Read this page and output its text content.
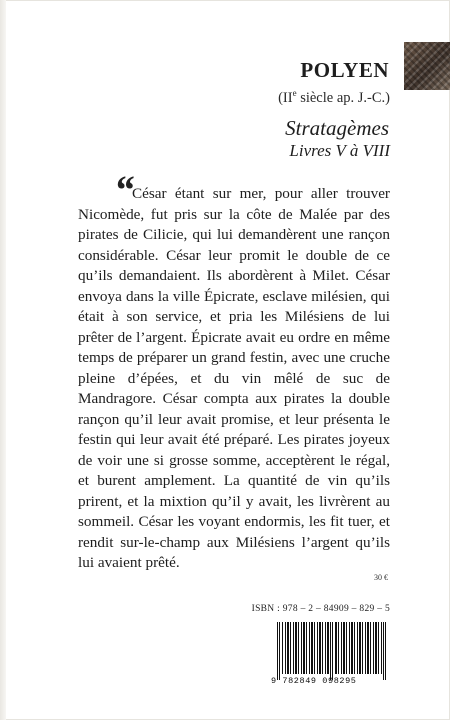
POLYEN
(IIe siècle ap. J.-C.)
Stratagèmes
Livres V à VIII
“
César étant sur mer, pour aller trouver Nicomède, fut pris sur la côte de Malée par des pirates de Cilicie, qui lui demandèrent une rançon considérable. César leur promit le double de ce qu’ils demandaient. Ils abordèrent à Milet. César envoya dans la ville Épicrate, esclave milésien, qui était à son service, et pria les Milésiens de lui prêter de l’argent. Épicrate avait eu ordre en même temps de préparer un grand festin, avec une cruche pleine d’épées, et du vin mêlé de suc de Mandragore. César compta aux pirates la double rançon qu’il leur avait promise, et leur présenta le festin qui leur avait été préparé. Les pirates joyeux de voir une si grosse somme, acceptèrent le régal, et burent amplement. La quantité de vin qu’ils prirent, et la mixtion qu’il y avait, les livrèrent au sommeil. César les voyant endormis, les fit tuer, et rendit sur-le-champ aux Milésiens l’argent qu’ils lui avaient prêté.
30 €
ISBN : 978 – 2 – 84909 – 829 – 5
9 782849 098295
